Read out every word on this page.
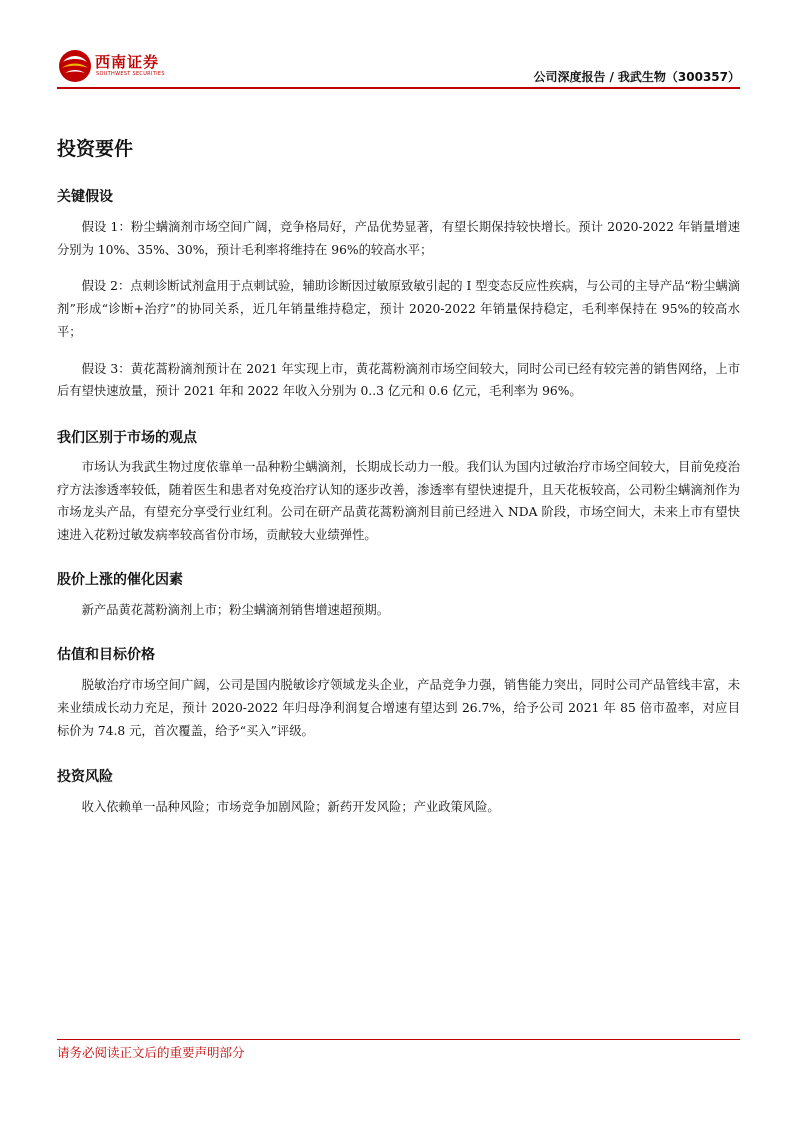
西南证券
SOUTHWEST SECURITIES	公司深度报告 / 我武生物（300357）
投资要件
关键假设

假设 1：粉尘螨滴剂市场空间广阔，竞争格局好，产品优势显著，有望长期保持较快增长。预计 2020-2022 年销量增速分别为 10%、35%、30%，预计毛利率将维持在 96%的较高水平；

假设 2：点刺诊断试剂盒用于点刺试验，辅助诊断因过敏原致敏引起的 I 型变态反应性疾病，与公司的主导产品“粉尘螨滴剂”形成“诊断+治疗”的协同关系，近几年销量维持稳定，预计 2020-2022 年销量保持稳定，毛利率保持在 95%的较高水平；

假设 3：黄花蒿粉滴剂预计在 2021 年实现上市，黄花蒿粉滴剂市场空间较大，同时公司已经有较完善的销售网络，上市后有望快速放量，预计 2021 年和 2022 年收入分别为 0..3 亿元和 0.6 亿元，毛利率为 96%。

我们区别于市场的观点

市场认为我武生物过度依靠单一品种粉尘螨滴剂，长期成长动力一般。我们认为国内过敏治疗市场空间较大，目前免疫治疗方法渗透率较低，随着医生和患者对免疫治疗认知的逐步改善，渗透率有望快速提升，且天花板较高，公司粉尘螨滴剂作为市场龙头产品，有望充分享受行业红利。公司在研产品黄花蒿粉滴剂目前已经进入 NDA 阶段，市场空间大，未来上市有望快速进入花粉过敏发病率较高省份市场，贡献较大业绩弹性。

股价上涨的催化因素

新产品黄花蒿粉滴剂上市；粉尘螨滴剂销售增速超预期。

估值和目标价格

脱敏治疗市场空间广阔，公司是国内脱敏诊疗领域龙头企业，产品竞争力强，销售能力突出，同时公司产品管线丰富，未来业绩成长动力充足，预计 2020-2022 年归母净利润复合增速有望达到 26.7%，给予公司 2021 年 85 倍市盈率，对应目标价为 74.8 元，首次覆盖，给予“买入”评级。

投资风险

收入依赖单一品种风险；市场竞争加剧风险；新药开发风险；产业政策风险。

请务必阅读正文后的重要声明部分
